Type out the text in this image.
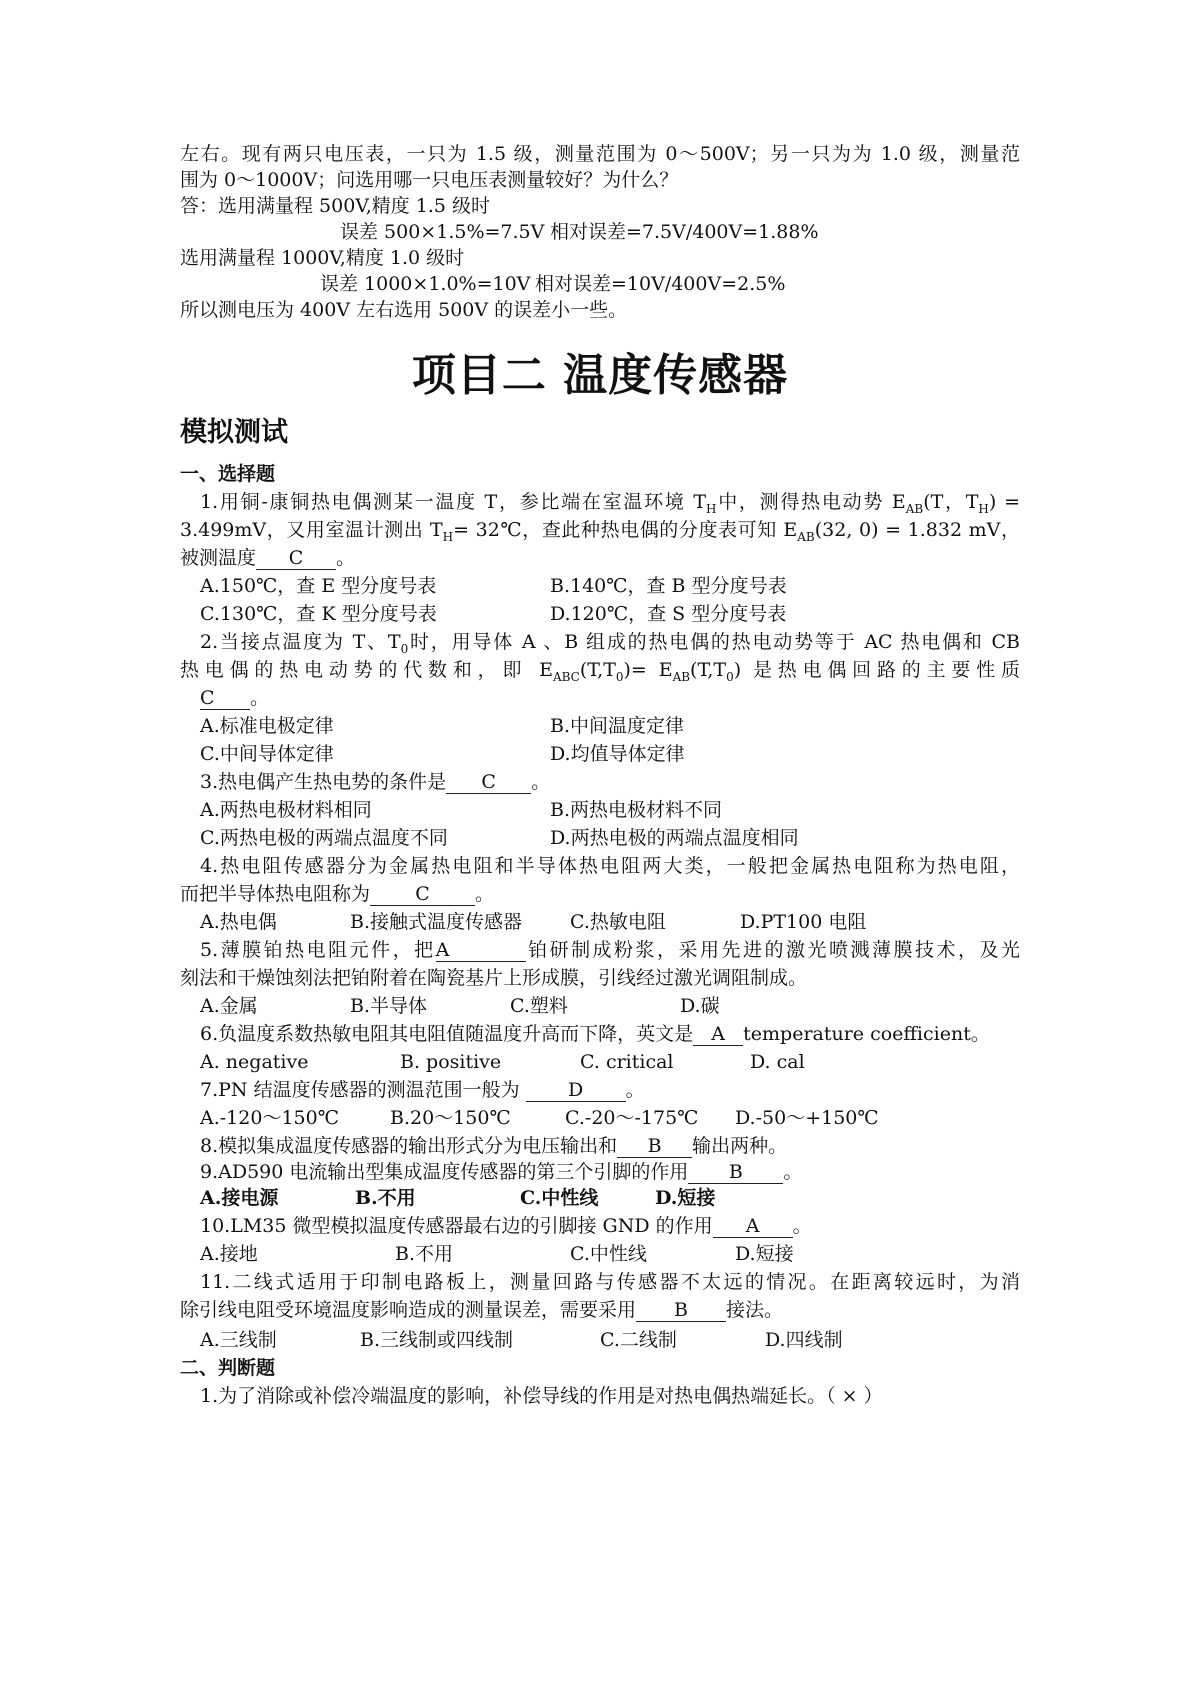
左右。现有两只电压表，一只为 1.5 级，测量范围为 0～500V；另一只为为 1.0 级，测量范
围为 0～1000V；问选用哪一只电压表测量较好？为什么？
答：选用满量程 500V,精度 1.5 级时
误差 500×1.5%=7.5V 相对误差=7.5V/400V=1.88%
选用满量程 1000V,精度 1.0 级时
误差 1000×1.0%=10V 相对误差=10V/400V=2.5%
所以测电压为 400V 左右选用 500V 的误差小一些。
项目二 温度传感器
模拟测试
一、选择题
1.用铜-康铜热电偶测某一温度 T，参比端在室温环境 $T_H$中，测得热电动势 $E_{AB}(T$，$T_H$) =
3.499mV，又用室温计测出 $T_H=$ 32℃，查此种热电偶的分度表可知 $E_{AB}(32$, 0) = 1.832 mV，
被测温度 C 。
A.150℃，查 E 型分度号表	B.140℃，查 B 型分度号表
C.130℃，查 K 型分度号表	D.120℃，查 S 型分度号表
2.当接点温度为 T、$T_0$时，用导体 A 、B 组成的热电偶的热电动势等于 AC 热电偶和 CB
热电偶的热电动势的代数和，即 $E_{ABC}(T,T_0)= E_{AB}(T,T_0)$ 是热电偶回路的主要性质
C 。
A.标准电极定律	B.中间温度定律
C.中间导体定律	D.均值导体定律
3.热电偶产生热电势的条件是 C 。
A.两热电极材料相同	B.两热电极材料不同
C.两热电极的两端点温度不同	D.两热电极的两端点温度相同
4.热电阻传感器分为金属热电阻和半导体热电阻两大类，一般把金属热电阻称为热电阻，
而把半导体热电阻称为 C 。
A.热电偶	B.接触式温度传感器	C.热敏电阻	D.PT100 电阻
5.薄膜铂热电阻元件，把A	铂研制成粉浆，采用先进的激光喷溅薄膜技术，及光
刻法和干燥蚀刻法把铂附着在陶瓷基片上形成膜，引线经过激光调阻制成。
A.金属	B.半导体	C.塑料	D.碳
6.负温度系数热敏电阻其电阻值随温度升高而下降，英文是 A temperature coefficient。
A. negative	B. positive	C. critical	D. cal
7.PN 结温度传感器的测温范围一般为	D 。
A.-120～150℃	B.20～150℃	C.-20～-175℃ D.-50～+150℃
8.模拟集成温度传感器的输出形式分为电压输出和 B 输出两种。
9.AD590 电流输出型集成温度传感器的第三个引脚的作用 B 。
A.接电源	B.不用	C.中性线	D.短接
10.LM35 微型模拟温度传感器最右边的引脚接 GND 的作用 A 。
A.接地	B.不用	C.中性线	D.短接
11.二线式适用于印制电路板上，测量回路与传感器不太远的情况。在距离较远时，为消
除引线电阻受环境温度影响造成的测量误差，需要采用 B 接法。
A.三线制	B.三线制或四线制	C.二线制	D.四线制
二、判断题
1.为了消除或补偿冷端温度的影响，补偿导线的作用是对热电偶热端延长。（ × ）
